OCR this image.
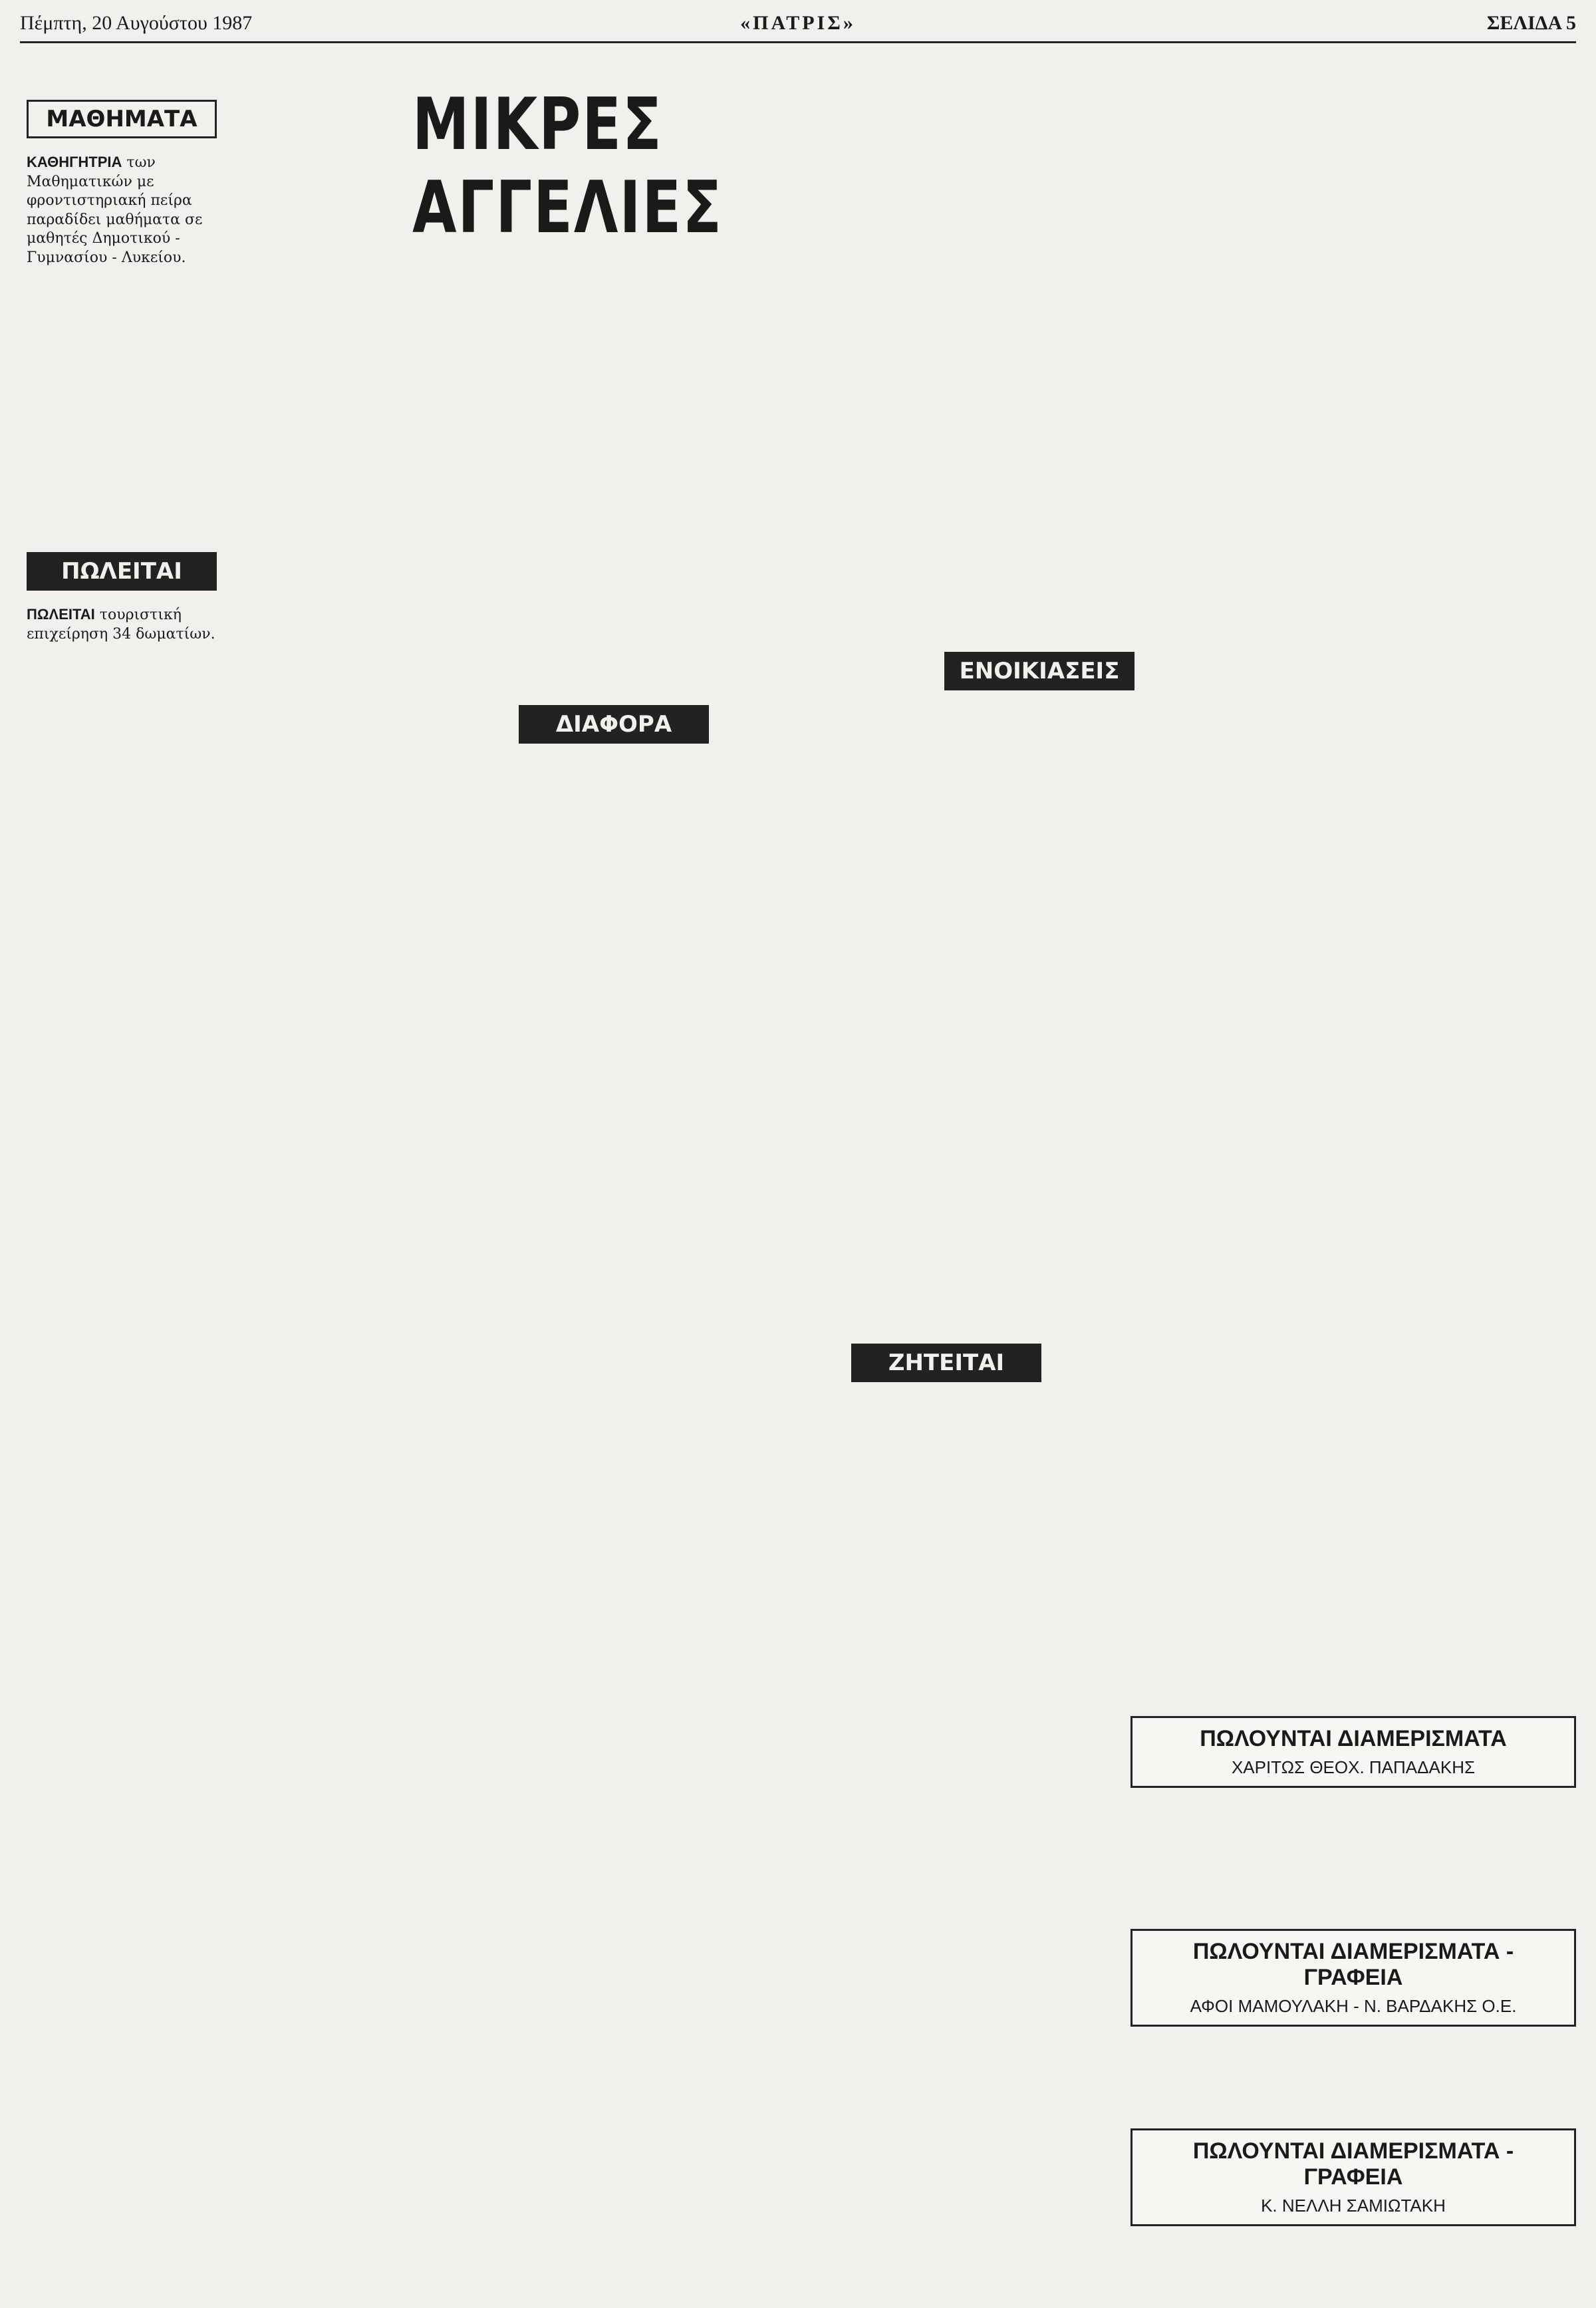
Πέμπτη, 20 Αυγούστου 1987	«ΠΑΤΡΙΣ»	ΣΕΛΙΔΑ 5
ΜΙΚΡΕΣ ΑΓΓΕΛΙΕΣ
ΜΑΘΗΜΑΤΑ
ΠΩΛΕΙΤΑΙ
ΕΝΟΙΚΙΑΣΕΙΣ
ΖΗΤΕΙΤΑΙ
ΔΙΑΦΟΡΑ
ΚΑΘΗΓΗΤΡΙΑ των Μαθηματικών με φροντιστηριακή πείρα παραδίδει μαθήματα σε μαθητές Δημοτικού - Γυμνασίου - Λυκείου.
ΠΩΛΕΙΤΑΙ τουριστική επιχείρηση 34 δωματίων.
ΠΩΛΟΥΝΤΑΙ ΔΙΑΜΕΡΙΣΜΑΤΑ
ΧΑΡΙΤΩΣ ΘΕΟΧ. ΠΑΠΑΔΑΚΗΣ
ΠΩΛΟΥΝΤΑΙ ΔΙΑΜΕΡΙΣΜΑΤΑ - ΓΡΑΦΕΙΑ
ΑΦΟΙ ΜΑΜΟΥΛΑΚΗ - Ν. ΒΑΡΔΑΚΗΣ Ο.Ε.
ΠΩΛΟΥΝΤΑΙ ΔΙΑΜΕΡΙΣΜΑΤΑ - ΓΡΑΦΕΙΑ
Κ. ΝΕΛΛΗ ΣΑΜΙΩΤΑΚΗ
